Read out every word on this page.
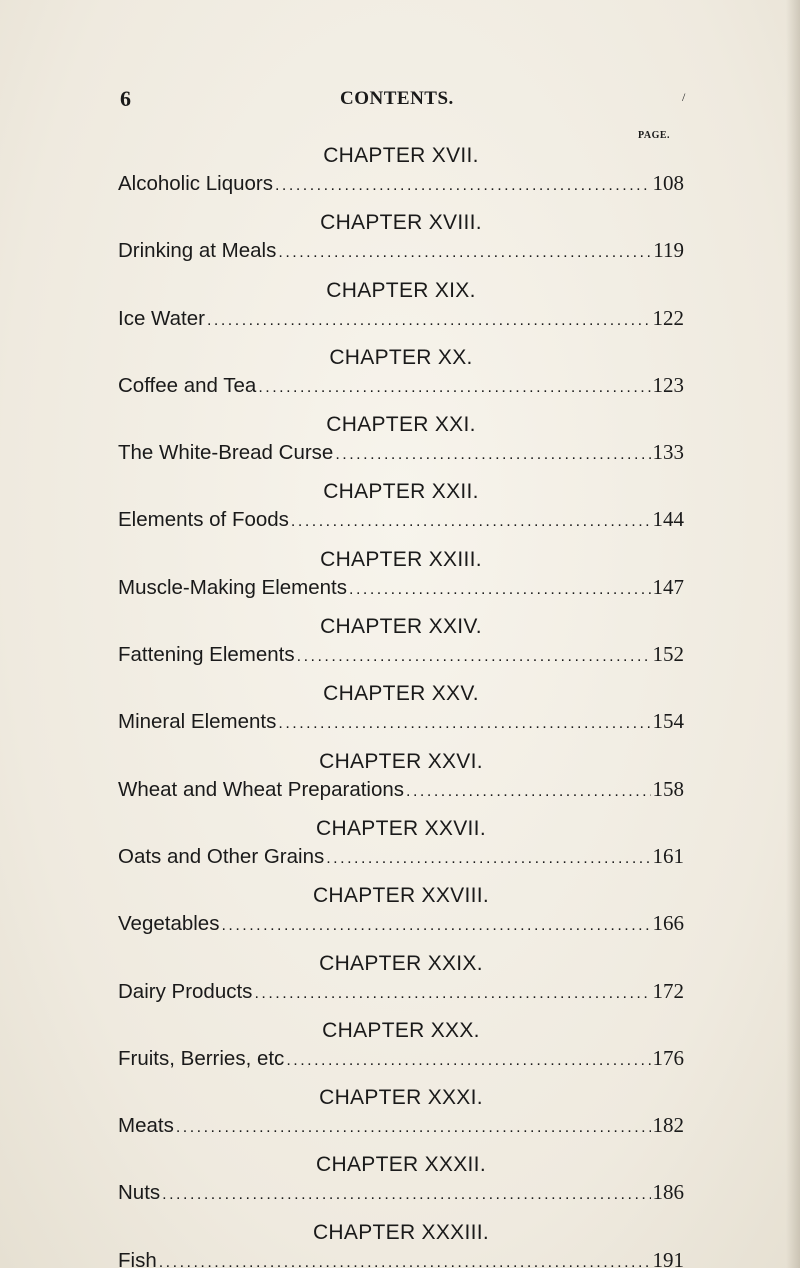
6	CONTENTS.	/
PAGE.
CHAPTER XVII.
Alcoholic Liquors .....	108
CHAPTER XVIII.
Drinking at Meals .....	119
CHAPTER XIX.
Ice Water .....	122
CHAPTER XX.
Coffee and Tea .....	123
CHAPTER XXI.
The White-Bread Curse .....	133
CHAPTER XXII.
Elements of Foods .....	144
CHAPTER XXIII.
Muscle-Making Elements .....	147
CHAPTER XXIV.
Fattening Elements .....	152
CHAPTER XXV.
Mineral Elements .....	154
CHAPTER XXVI.
Wheat and Wheat Preparations .....	158
CHAPTER XXVII.
Oats and Other Grains .....	161
CHAPTER XXVIII.
Vegetables .....	166
CHAPTER XXIX.
Dairy Products .....	172
CHAPTER XXX.
Fruits, Berries, etc .....	176
CHAPTER XXXI.
Meats .....	182
CHAPTER XXXII.
Nuts .....	186
CHAPTER XXXIII.
Fish .....	191
